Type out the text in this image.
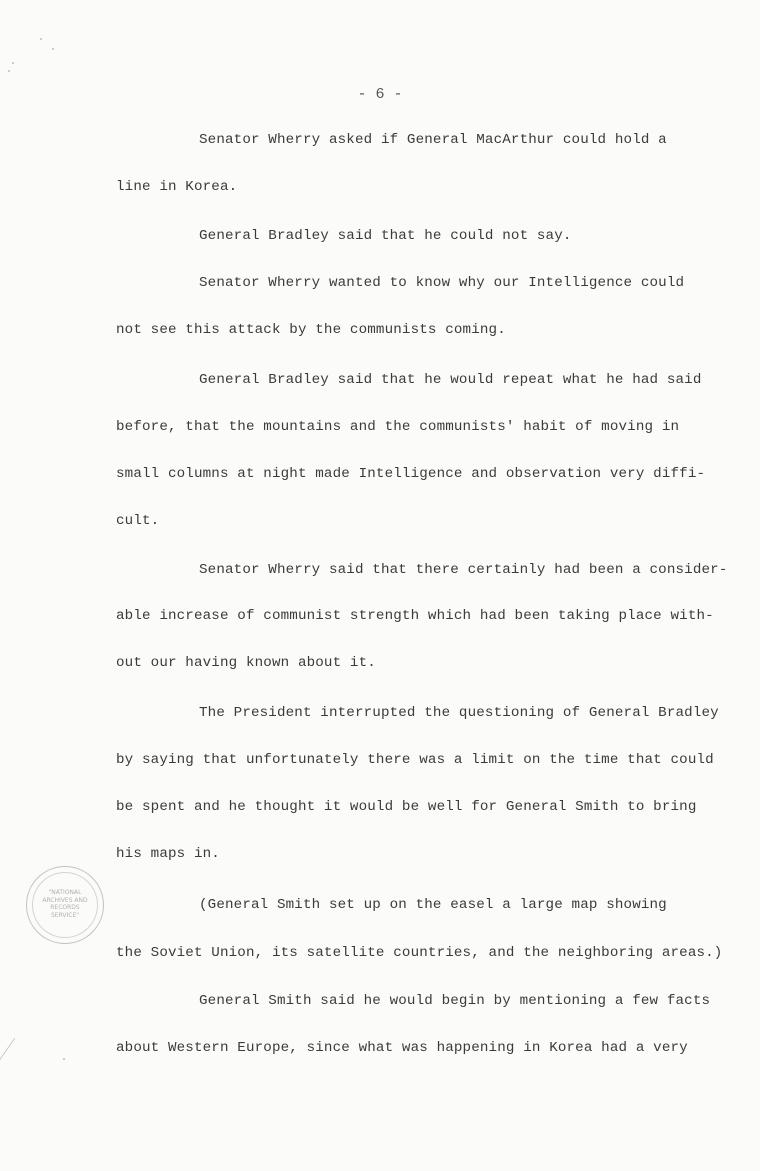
- 6 -
Senator Wherry asked if General MacArthur could hold a
line in Korea.
General Bradley said that he could not say.
Senator Wherry wanted to know why our Intelligence could
not see this attack by the communists coming.
General Bradley said that he would repeat what he had said
before, that the mountains and the communists' habit of moving in
small columns at night made Intelligence and observation very diffi-
cult.
Senator Wherry said that there certainly had been a consider-
able increase of communist strength which had been taking place with-
out our having known about it.
The President interrupted the questioning of General Bradley
by saying that unfortunately there was a limit on the time that could
be spent and he thought it would be well for General Smith to bring
his maps in.
(General Smith set up on the easel a large map showing
the Soviet Union, its satellite countries, and the neighboring areas.)
General Smith said he would begin by mentioning a few facts
about Western Europe, since what was happening in Korea had a very
"NATIONAL
ARCHIVES AND
RECORDS
SERVICE"
